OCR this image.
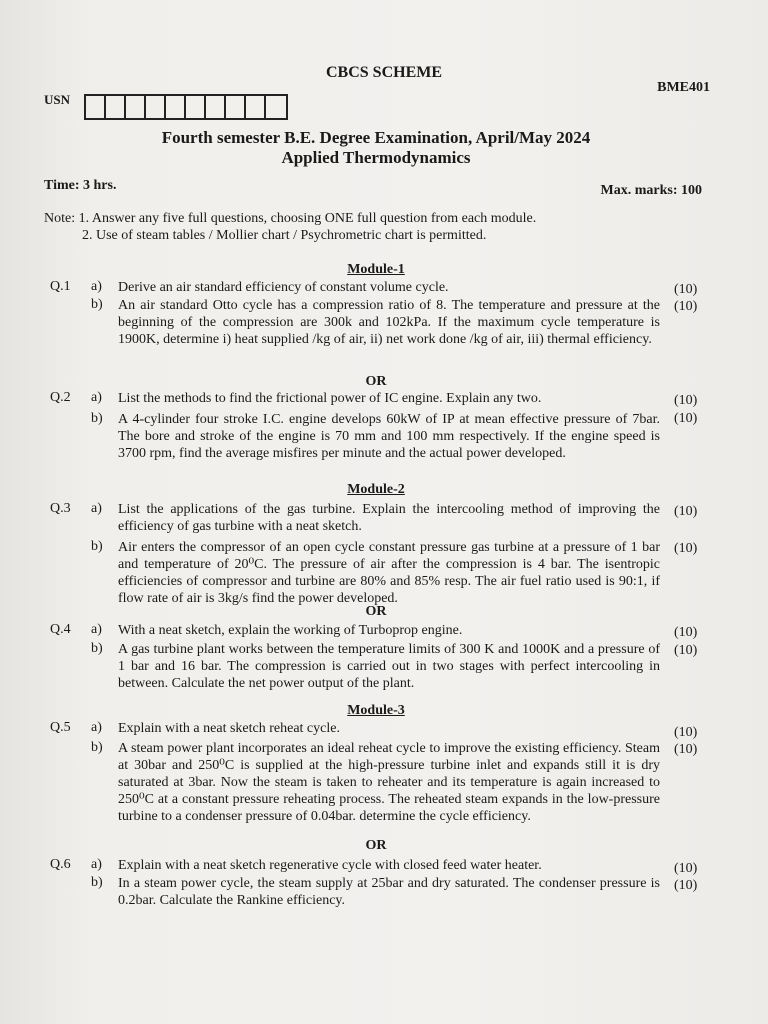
CBCS SCHEME
BME401
USN
Fourth semester B.E. Degree Examination, April/May 2024
Applied Thermodynamics
Time: 3 hrs.	Max. marks: 100
Note: 1. Answer any five full questions, choosing ONE full question from each module.
2. Use of steam tables / Mollier chart / Psychrometric chart is permitted.
Module-1
Q.1 a) Derive an air standard efficiency of constant volume cycle.	(10)
b) An air standard Otto cycle has a compression ratio of 8. The temperature and pressure at the beginning of the compression are 300k and 102kPa. If the maximum cycle temperature is 1900K, determine i) heat supplied /kg of air, ii) net work done /kg of air, iii) thermal efficiency.
(10)
OR
Q.2 a) List the methods to find the frictional power of IC engine. Explain any two.	(10)
b) A 4-cylinder four stroke I.C. engine develops 60kW of IP at mean effective pressure of 7bar. The bore and stroke of the engine is 70 mm and 100 mm respectively. If the engine speed is 3700 rpm, find the average misfires per minute and the actual power developed.
(10)
Module-2
Q.3 a) List the applications of the gas turbine. Explain the intercooling method of improving the efficiency of gas turbine with a neat sketch.
(10)
b) Air enters the compressor of an open cycle constant pressure gas turbine at a pressure of 1 bar and temperature of 20⁰C. The pressure of air after the compression is 4 bar. The isentropic efficiencies of compressor and turbine are 80% and 85% resp. The air fuel ratio used is 90:1, if flow rate of air is 3kg/s find the power developed.
(10)
OR
Q.4 a) With a neat sketch, explain the working of Turboprop engine.	(10)
b) A gas turbine plant works between the temperature limits of 300 K and 1000K and a pressure of 1 bar and 16 bar. The compression is carried out in two stages with perfect intercooling in between. Calculate the net power output of the plant.
(10)
Module-3
Q.5 a) Explain with a neat sketch reheat cycle.	(10)
b) A steam power plant incorporates an ideal reheat cycle to improve the existing efficiency. Steam at 30bar and 250⁰C is supplied at the high-pressure turbine inlet and expands still it is dry saturated at 3bar. Now the steam is taken to reheater and its temperature is again increased to 250⁰C at a constant pressure reheating process. The reheated steam expands in the low-pressure turbine to a condenser pressure of 0.04bar. determine the cycle efficiency.
(10)
OR
Q.6 a) Explain with a neat sketch regenerative cycle with closed feed water heater.	(10)
b) In a steam power cycle, the steam supply at 25bar and dry saturated. The condenser pressure is 0.2bar. Calculate the Rankine efficiency.
(10)
